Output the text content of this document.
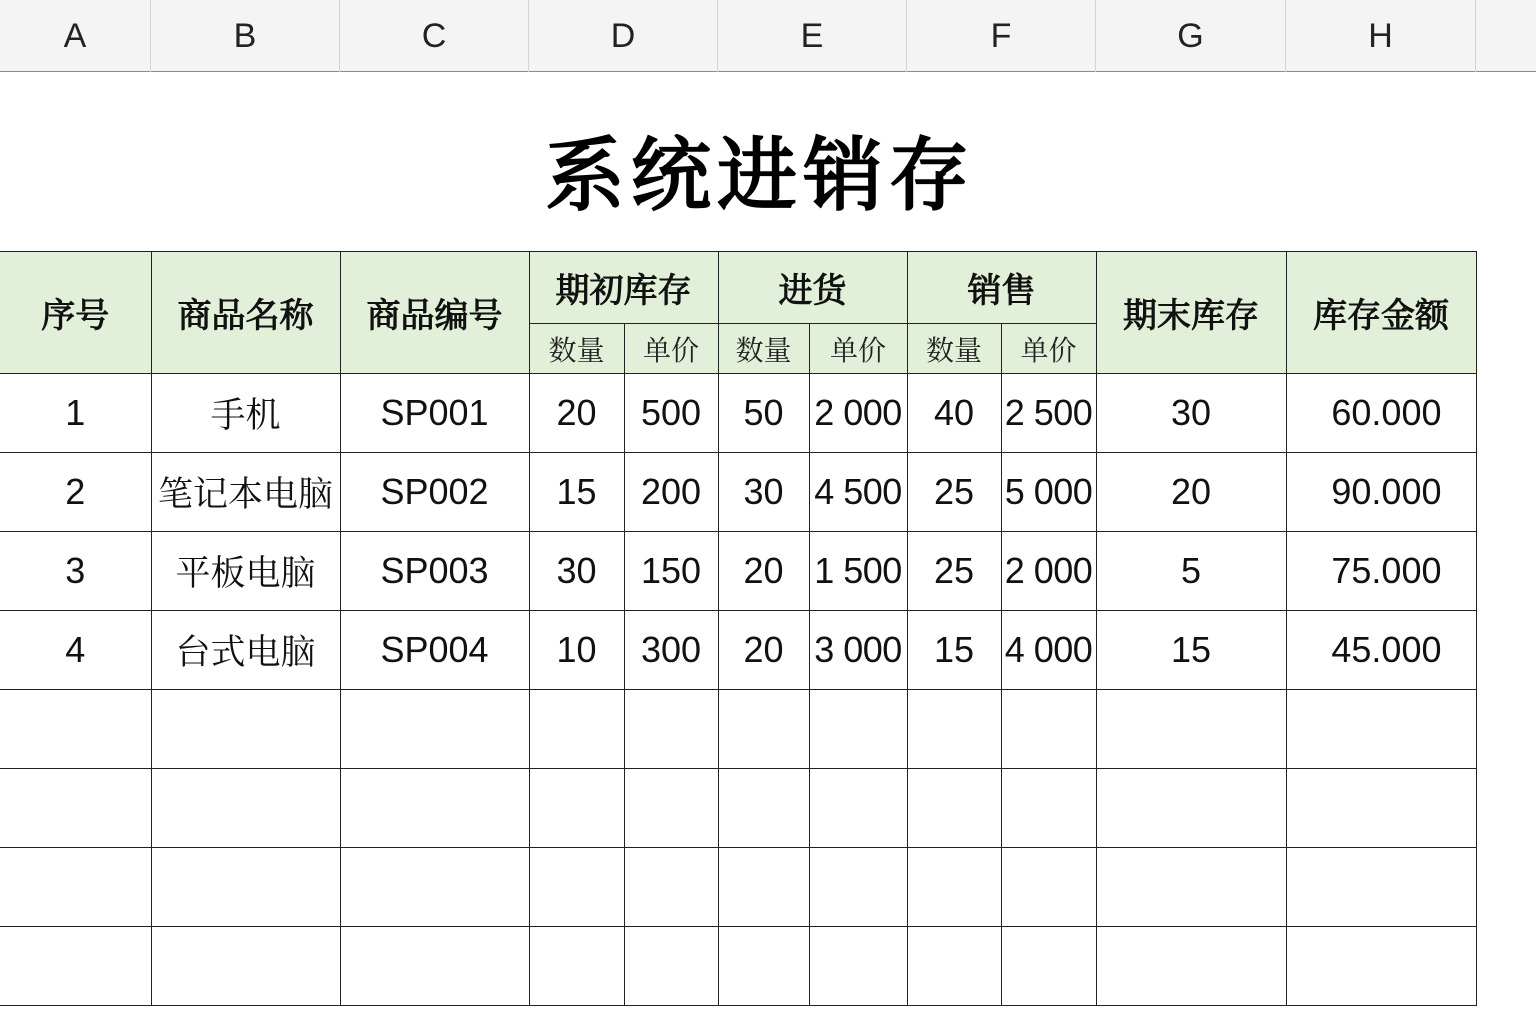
A	B	C	D	E	F	G	H
系统进销存
序号	商品名称	商品编号	期初库存		进货		销售		期末库存	库存金额
			数量	单价	数量	单价	数量	单价		
1	手机	SP001	20	500	50	2 000	40	2 500	30	60.000
2	笔记本电脑	SP002	15	200	30	4 500	25	5 000	20	90.000
3	平板电脑	SP003	30	150	20	1 500	25	2 000	5	75.000
4	台式电脑	SP004	10	300	20	3 000	15	4 000	15	45.000
